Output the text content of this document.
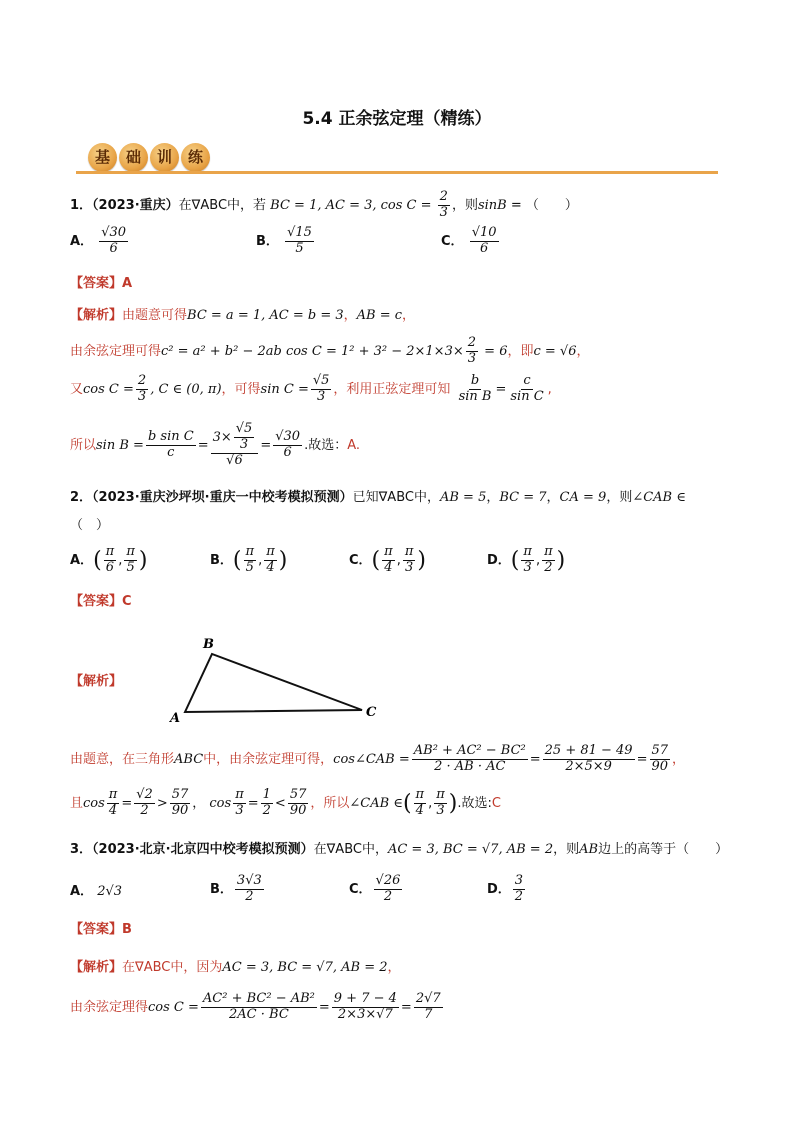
5.4 正余弦定理（精练）
基 础 训 练
1．（2023·重庆）在∇ABC中，若 BC = 1, AC = 3, $\cos C = \frac{2}{3}$ ，则sinB = （　　）
A． $\frac{√30}{6}$	B． $\frac{√15}{5}$	C． $\frac{√10}{6}$
【答案】A
【解析】由题意可得BC = a = 1, AC = b = 3，AB = c，
由余弦定理可得c² = a² + b² − 2ab $\cos C = 1^2 + 3^2 - 2\times 1\times 3\times \frac{2}{3} = 6$，即c = √6，
又$\cos C = \frac{2}{3}$ , C ∈ (0, π)，可得$\sin C = \frac{√5}{3}$ ，利用正弦定理可知 $\frac{b}{\text{sin B}} = \frac{c}{\text{sin C}}$ ,
所以$\sin B = \frac{\text{b sin C}}{c} = \frac{3\times \frac{√5}{3}}{√6} = \frac{√30}{6}$ .故选：A.
2．（2023·重庆沙坪坝·重庆一中校考模拟预测）已知∇ABC中，AB = 5，BC = 7，CA = 9，则∠CAB ∈
（　）
A．( $\frac{\pi}{6}$ , $\frac{\pi}{5}$ )	B．( $\frac{\pi}{5}$ , $\frac{\pi}{4}$ )	C．( $\frac{\pi}{4}$ , $\frac{\pi}{3}$ )	D．( $\frac{\pi}{3}$ , $\frac{\pi}{2}$ )
【答案】C
【解析】
B
A	C
由题意，在三角形ABC中，由余弦定理可得，cos∠CAB = $\frac{\text{AB² + AC² − BC²}}{2 \cdot AB \cdot AC} = \frac{25 + 81 - 49}{2\times 5\times 9} = \frac{57}{90}$ ，
且$\cos \frac{\pi}{4} = \frac{√2}{2} > \frac{57}{90}$ ， $\cos \frac{\pi}{3} = \frac{1}{2} < \frac{57}{90}$ ，所以∠CAB ∈( $\frac{\pi}{4}$ , $\frac{\pi}{3}$ ).故选:C
3．（2023·北京·北京四中校考模拟预测）在∇ABC中，AC = 3, BC = √7, AB = 2，则AB边上的高等于（　　）
A． 2√3	B． $\frac{3√3}{2}$	C． $\frac{√26}{2}$	D． $\frac{3}{2}$
【答案】B
【解析】在∇ABC中，因为AC = 3, BC = √7, AB = 2，
由余弦定理得$\cos C = \frac{\text{AC² + BC² − AB²}}{2AC \cdot BC} = \frac{9 + 7 - 4}{2\times 3\times√7} = \frac{2√7}{7}$
